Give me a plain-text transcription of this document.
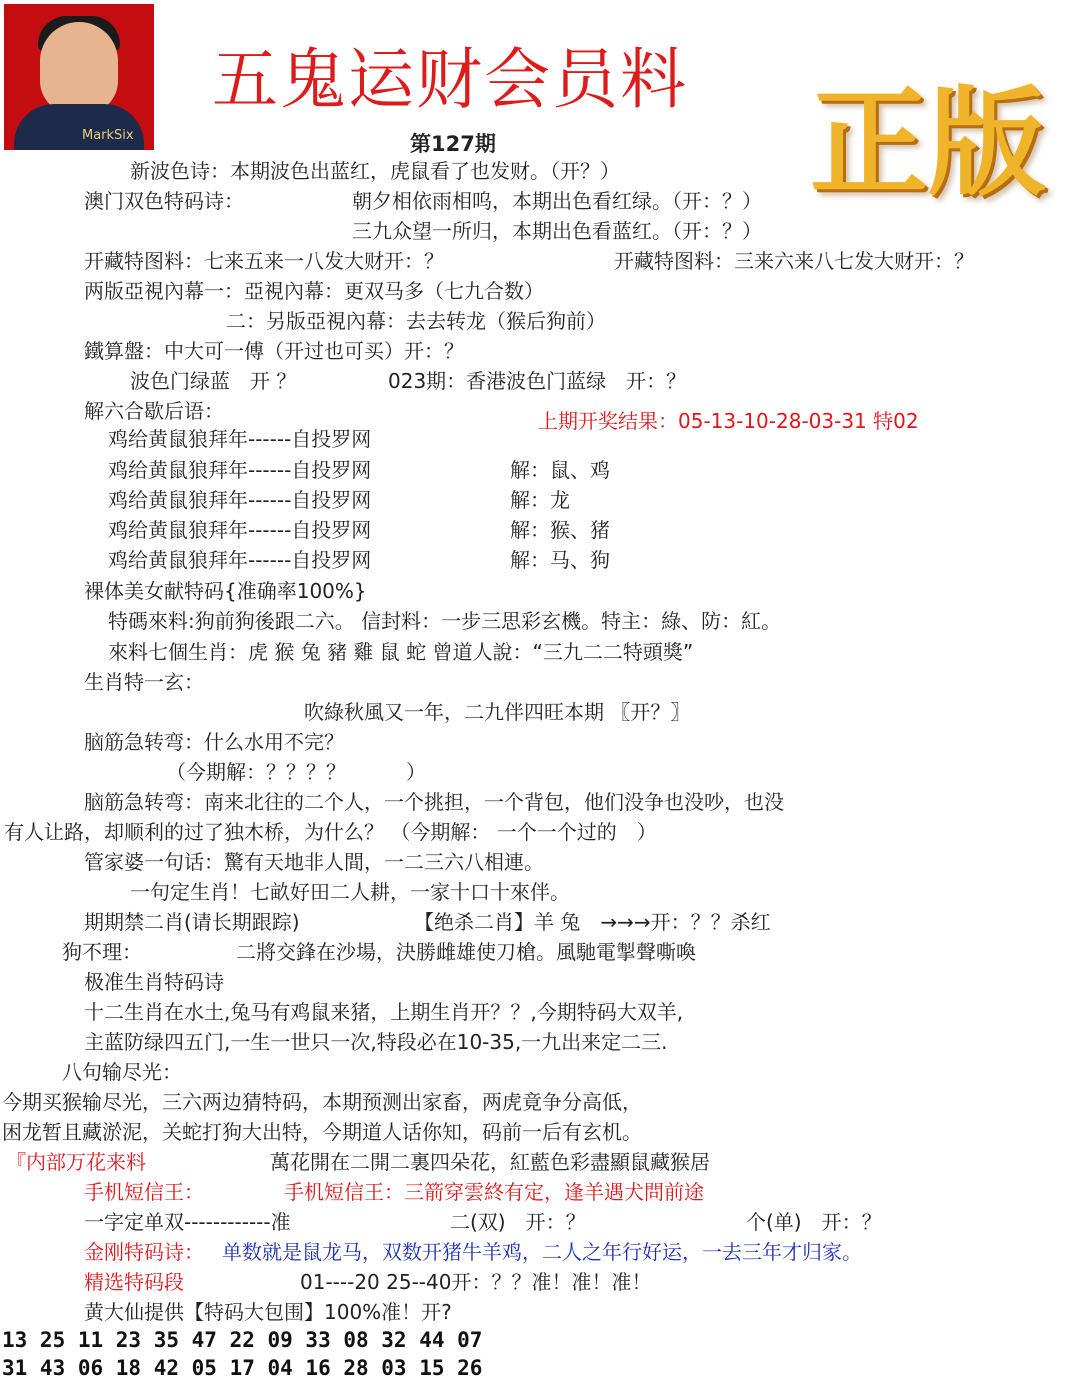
MarkSix
五鬼运财会员料 正版
第127期
新波色诗：本期波色出蓝红，虎鼠看了也发财。（开？）
澳门双色特码诗：	朝夕相依雨相呜，本期出色看红绿。（开：？）
三九众望一所归，本期出色看蓝红。（开：？）
开藏特图料：七来五来一八发大财开：？	开藏特图料：三来六来八七发大财开：？
两版亞視內幕一：亞視內幕：更双马多（七九合数）
二：另版亞視內幕：去去转龙（猴后狗前）
鐵算盤：中大可一傅（开过也可买）开：？
波色门绿蓝　开 ？	023期：香港波色门蓝绿　开：？
解六合歇后语：	上期开奖结果：05-13-10-28-03-31 特02
鸡给黄鼠狼拜年------自投罗网
鸡给黄鼠狼拜年------自投罗网	解：鼠、鸡
鸡给黄鼠狼拜年------自投罗网	解：龙
鸡给黄鼠狼拜年------自投罗网	解：猴、猪
鸡给黄鼠狼拜年------自投罗网	解：马、狗
裸体美女献特码{准确率100%}
特碼來料:狗前狗後跟二六。 信封料：一步三思彩玄機。特主：綠、防：紅。
來料七個生肖：虎 猴 兔 豬 雞 鼠 蛇 曾道人說：“三九二二特頭獎”
生肖特一玄：
吹綠秋風又一年，二九伴四旺本期 〖开？〗
脑筋急转弯：什么水用不完？
（今期解：？？？？　　　）
脑筋急转弯：南来北往的二个人，一个挑担，一个背包，他们没争也没吵，也没
有人让路，却顺利的过了独木桥，为什么？ （今期解： 一个一个过的　）
管家婆一句话：驚有天地非人間，一二三六八相連。
一句定生肖！七畝好田二人耕，一家十口十來伴。
期期禁二肖(请长期跟踪)	【绝杀二肖】羊 兔　→→→开：？？杀红
狗不理：	二將交鋒在沙場，決勝雌雄使刀槍。風馳電掣聲嘶喚
极准生肖特码诗
十二生肖在水土,兔马有鸡鼠来猪，上期生肖开？？,今期特码大双羊,
主蓝防绿四五门,一生一世只一次,特段必在10-35,一九出来定二三.
八句输尽光：
今期买猴输尽光，三六两边猜特码，本期预测出家畜，两虎竟争分高低，
困龙暂且藏淤泥，关蛇打狗大出特，今期道人话你知，码前一后有玄机。
『内部万花来料	萬花開在二開二裏四朵花，紅藍色彩盡顯鼠藏猴居
手机短信王：	手机短信王：三箭穿雲終有定，逢羊遇犬問前途
一字定单双------------准	二(双)　开：？	个(单)　开：？
金刚特码诗： 单数就是鼠龙马，双数开猪牛羊鸡，二人之年行好运，一去三年才归家。
精选特码段	01----20 25--40开：？？准！准！准！
黄大仙提供【特码大包围】100%准！开?
13 25 11 23 35 47 22 09 33 08 32 44 07
31 43 06 18 42 05 17 04 16 28 03 15 26
